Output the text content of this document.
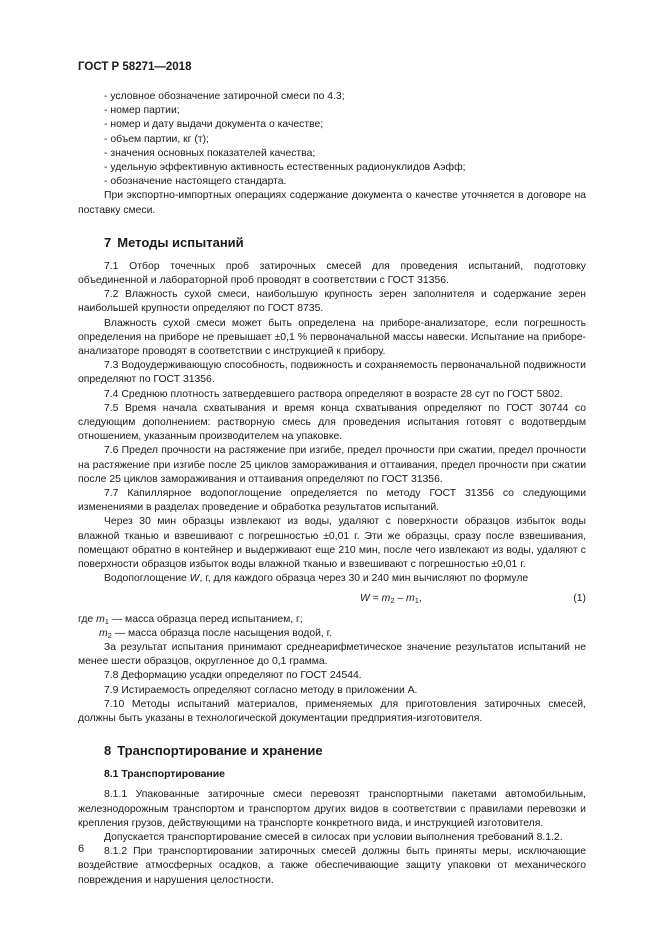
ГОСТ Р 58271—2018

- условное обозначение затирочной смеси по 4.3;

- номер партии;

- номер и дату выдачи документа о качестве;

- объем партии, кг (т);

- значения основных показателей качества;

- удельную эффективную активность естественных радионуклидов Аэфф;

- обозначение настоящего стандарта.

При экспортно-импортных операциях содержание документа о качестве уточняется в договоре на поставку смеси.

7 Методы испытаний

7.1 Отбор точечных проб затирочных смесей для проведения испытаний, подготовку объединенной и лабораторной проб проводят в соответствии с ГОСТ 31356.

7.2 Влажность сухой смеси, наибольшую крупность зерен заполнителя и содержание зерен наибольшей крупности определяют по ГОСТ 8735.

Влажность сухой смеси может быть определена на приборе-анализаторе, если погрешность определения на приборе не превышает ±0,1 % первоначальной массы навески. Испытание на приборе-анализаторе проводят в соответствии с инструкцией к прибору.

7.3 Водоудерживающую способность, подвижность и сохраняемость первоначальной подвижности определяют по ГОСТ 31356.

7.4 Среднюю плотность затвердевшего раствора определяют в возрасте 28 сут по ГОСТ 5802.

7.5 Время начала схватывания и время конца схватывания определяют по ГОСТ 30744 со следующим дополнением: растворную смесь для проведения испытания готовят с водотвердым отношением, указанным производителем на упаковке.

7.6 Предел прочности на растяжение при изгибе, предел прочности при сжатии, предел прочности на растяжение при изгибе после 25 циклов замораживания и оттаивания, предел прочности при сжатии после 25 циклов замораживания и оттаивания определяют по ГОСТ 31356.

7.7 Капиллярное водопоглощение определяется по методу ГОСТ 31356 со следующими изменениями в разделах проведение и обработка результатов испытаний.

Через 30 мин образцы извлекают из воды, удаляют с поверхности образцов избыток воды влажной тканью и взвешивают с погрешностью ±0,01 г. Эти же образцы, сразу после взвешивания, помещают обратно в контейнер и выдерживают еще 210 мин, после чего извлекают из воды, удаляют с поверхности образцов избыток воды влажной тканью и взвешивают с погрешностью ±0,01 г.

Водопоглощение W, г, для каждого образца через 30 и 240 мин вычисляют по формуле

$W = m_2 - m_1$,	(1)

где $m_1$ — масса образца перед испытанием, г;

$m_2$ — масса образца после насыщения водой, г.

За результат испытания принимают среднеарифметическое значение результатов испытаний не менее шести образцов, округленное до 0,1 грамма.

7.8 Деформацию усадки определяют по ГОСТ 24544.

7.9 Истираемость определяют согласно методу в приложении А.

7.10 Методы испытаний материалов, применяемых для приготовления затирочных смесей, должны быть указаны в технологической документации предприятия-изготовителя.

8 Транспортирование и хранение
8.1 Транспортирование

8.1.1 Упакованные затирочные смеси перевозят транспортными пакетами автомобильным, железнодорожным транспортом и транспортом других видов в соответствии с правилами перевозки и крепления грузов, действующими на транспорте конкретного вида, и инструкцией изготовителя.

Допускается транспортирование смесей в силосах при условии выполнения требований 8.1.2.

8.1.2 При транспортировании затирочных смесей должны быть приняты меры, исключающие воздействие атмосферных осадков, а также обеспечивающие защиту упаковки от механического повреждения и нарушения целостности.

6
